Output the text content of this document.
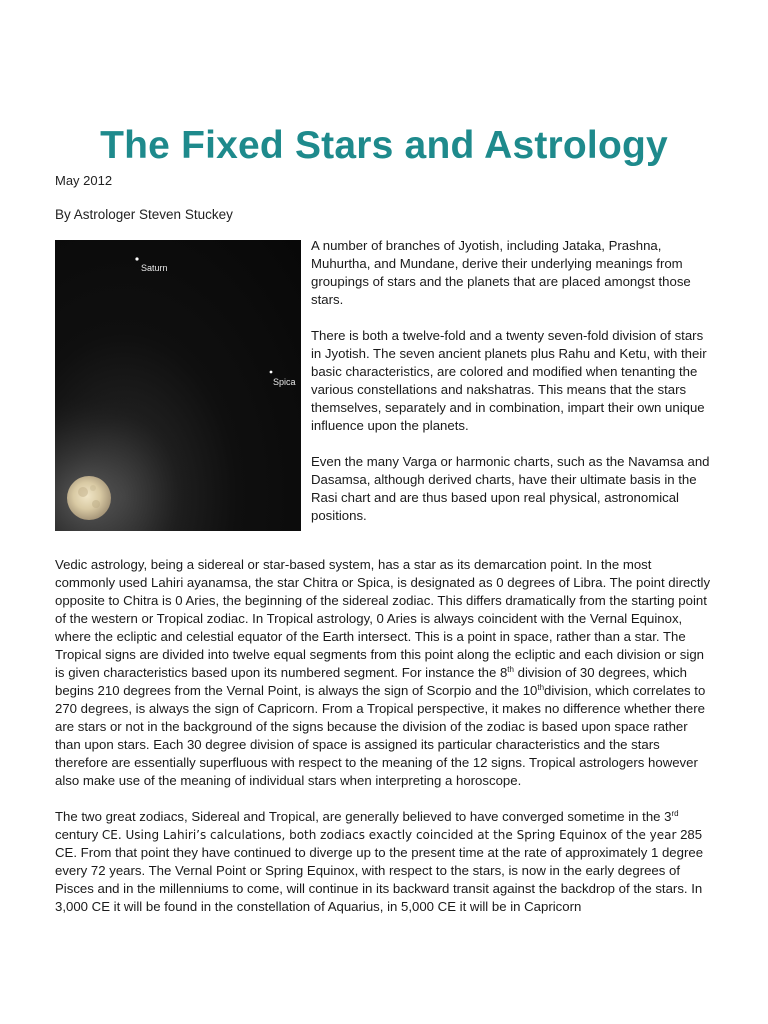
The Fixed Stars and Astrology
May 2012
By Astrologer Steven Stuckey
Saturn
Spica

A number of branches of Jyotish, including Jataka, Prashna, Muhurtha, and Mundane, derive their underlying meanings from groupings of stars and the planets that are placed amongst those stars.

There is both a twelve-fold and a twenty seven-fold division of stars in Jyotish. The seven ancient planets plus Rahu and Ketu, with their basic characteristics, are colored and modified when tenanting the various constellations and nakshatras. This means that the stars themselves, separately and in combination, impart their own unique influence upon the planets.

Even the many Varga or harmonic charts, such as the Navamsa and Dasamsa, although derived charts, have their ultimate basis in the Rasi chart and are thus based upon real physical, astronomical positions.

Vedic astrology, being a sidereal or star-based system, has a star as its demarcation point. In the most commonly used Lahiri ayanamsa, the star Chitra or Spica, is designated as 0 degrees of Libra. The point directly opposite to Chitra is 0 Aries, the beginning of the sidereal zodiac. This differs dramatically from the starting point of the western or Tropical zodiac. In Tropical astrology, 0 Aries is always coincident with the Vernal Equinox, where the ecliptic and celestial equator of the Earth intersect. This is a point in space, rather than a star. The Tropical signs are divided into twelve equal segments from this point along the ecliptic and each division or sign is given characteristics based upon its numbered segment. For instance the 8th division of 30 degrees, which begins 210 degrees from the Vernal Point, is always the sign of Scorpio and the 10thdivision, which correlates to 270 degrees, is always the sign of Capricorn. From a Tropical perspective, it makes no difference whether there are stars or not in the background of the signs because the division of the zodiac is based upon space rather than upon stars. Each 30 degree division of space is assigned its particular characteristics and the stars therefore are essentially superfluous with respect to the meaning of the 12 signs. Tropical astrologers however also make use of the meaning of individual stars when interpreting a horoscope.

The two great zodiacs, Sidereal and Tropical, are generally believed to have converged sometime in the 3rd century CE. Using Lahiri’s calculations, both zodiacs exactly coincided at the Spring Equinox of the year 285 CE. From that point they have continued to diverge up to the present time at the rate of approximately 1 degree every 72 years. The Vernal Point or Spring Equinox, with respect to the stars, is now in the early degrees of Pisces and in the millenniums to come, will continue in its backward transit against the backdrop of the stars. In 3,000 CE it will be found in the constellation of Aquarius, in 5,000 CE it will be in Capricorn
